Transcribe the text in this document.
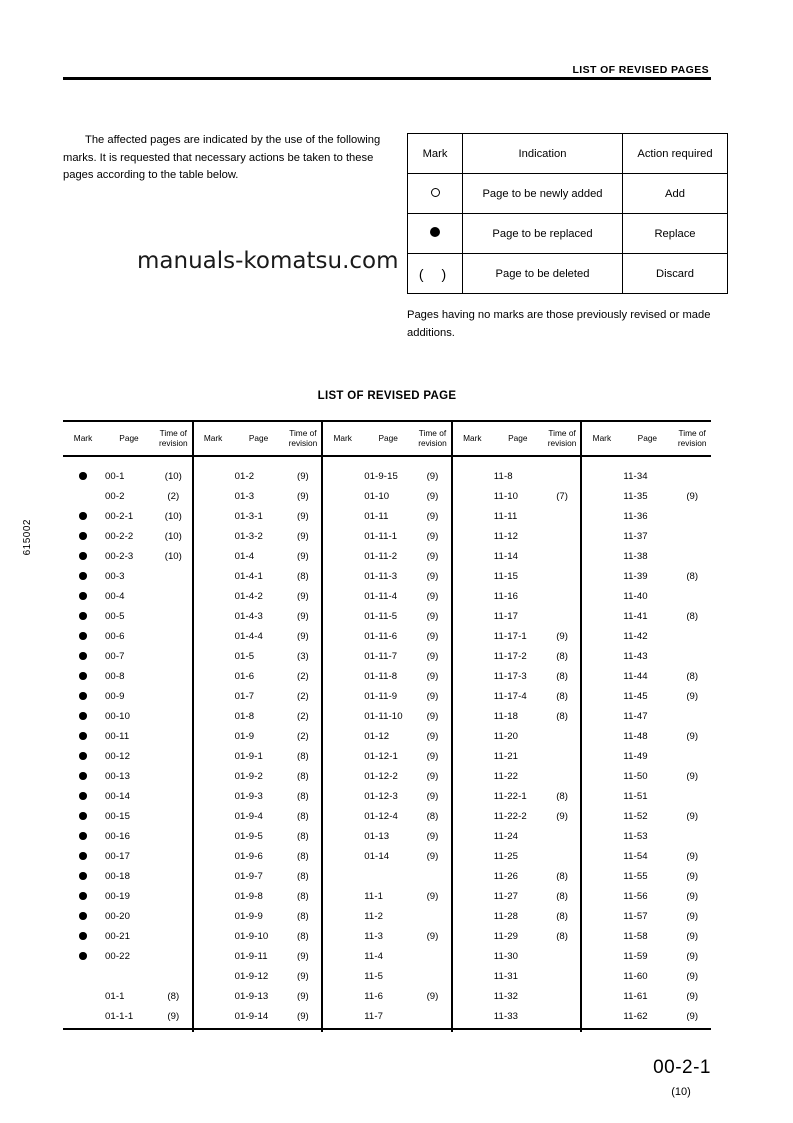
LIST OF REVISED PAGES
615002
The affected pages are indicated by the use of the following marks. It is requested that necessary actions be taken to these pages according to the table below.
Mark	Indication	Action required
	Page to be newly added	Add
	Page to be replaced	Replace
( )	Page to be deleted	Discard
manuals-komatsu.com
Pages having no marks are those previously revised or made additions.
LIST OF REVISED PAGE
Mark	Page	Time of revision	Mark	Page	Time of revision	Mark	Page	Time of revision	Mark	Page	Time of revision	Mark	Page	Time of revision
	00-1	(10)		01-2	(9)		01-9-15	(9)		11-8			11-34	
	00-2	(2)		01-3	(9)		01-10	(9)		11-10	(7)		11-35	(9)
	00-2-1	(10)		01-3-1	(9)		01-11	(9)		11-11			11-36	
	00-2-2	(10)		01-3-2	(9)		01-11-1	(9)		11-12			11-37	
	00-2-3	(10)		01-4	(9)		01-11-2	(9)		11-14			11-38	
	00-3			01-4-1	(8)		01-11-3	(9)		11-15			11-39	(8)
	00-4			01-4-2	(9)		01-11-4	(9)		11-16			11-40	
	00-5			01-4-3	(9)		01-11-5	(9)		11-17			11-41	(8)
	00-6			01-4-4	(9)		01-11-6	(9)		11-17-1	(9)		11-42	
	00-7			01-5	(3)		01-11-7	(9)		11-17-2	(8)		11-43	
	00-8			01-6	(2)		01-11-8	(9)		11-17-3	(8)		11-44	(8)
	00-9			01-7	(2)		01-11-9	(9)		11-17-4	(8)		11-45	(9)
	00-10			01-8	(2)		01-11-10	(9)		11-18	(8)		11-47	
	00-11			01-9	(2)		01-12	(9)		11-20			11-48	(9)
	00-12			01-9-1	(8)		01-12-1	(9)		11-21			11-49	
	00-13			01-9-2	(8)		01-12-2	(9)		11-22			11-50	(9)
	00-14			01-9-3	(8)		01-12-3	(9)		11-22-1	(8)		11-51	
	00-15			01-9-4	(8)		01-12-4	(8)		11-22-2	(9)		11-52	(9)
	00-16			01-9-5	(8)		01-13	(9)		11-24			11-53	
	00-17			01-9-6	(8)		01-14	(9)		11-25			11-54	(9)
	00-18			01-9-7	(8)					11-26	(8)		11-55	(9)
	00-19			01-9-8	(8)		11-1	(9)		11-27	(8)		11-56	(9)
	00-20			01-9-9	(8)		11-2			11-28	(8)		11-57	(9)
	00-21			01-9-10	(8)		11-3	(9)		11-29	(8)		11-58	(9)
	00-22			01-9-11	(9)		11-4			11-30			11-59	(9)
				01-9-12	(9)		11-5			11-31			11-60	(9)
	01-1	(8)		01-9-13	(9)		11-6	(9)		11-32			11-61	(9)
	01-1-1	(9)		01-9-14	(9)		11-7			11-33			11-62	(9)
00-2-1
(10)
